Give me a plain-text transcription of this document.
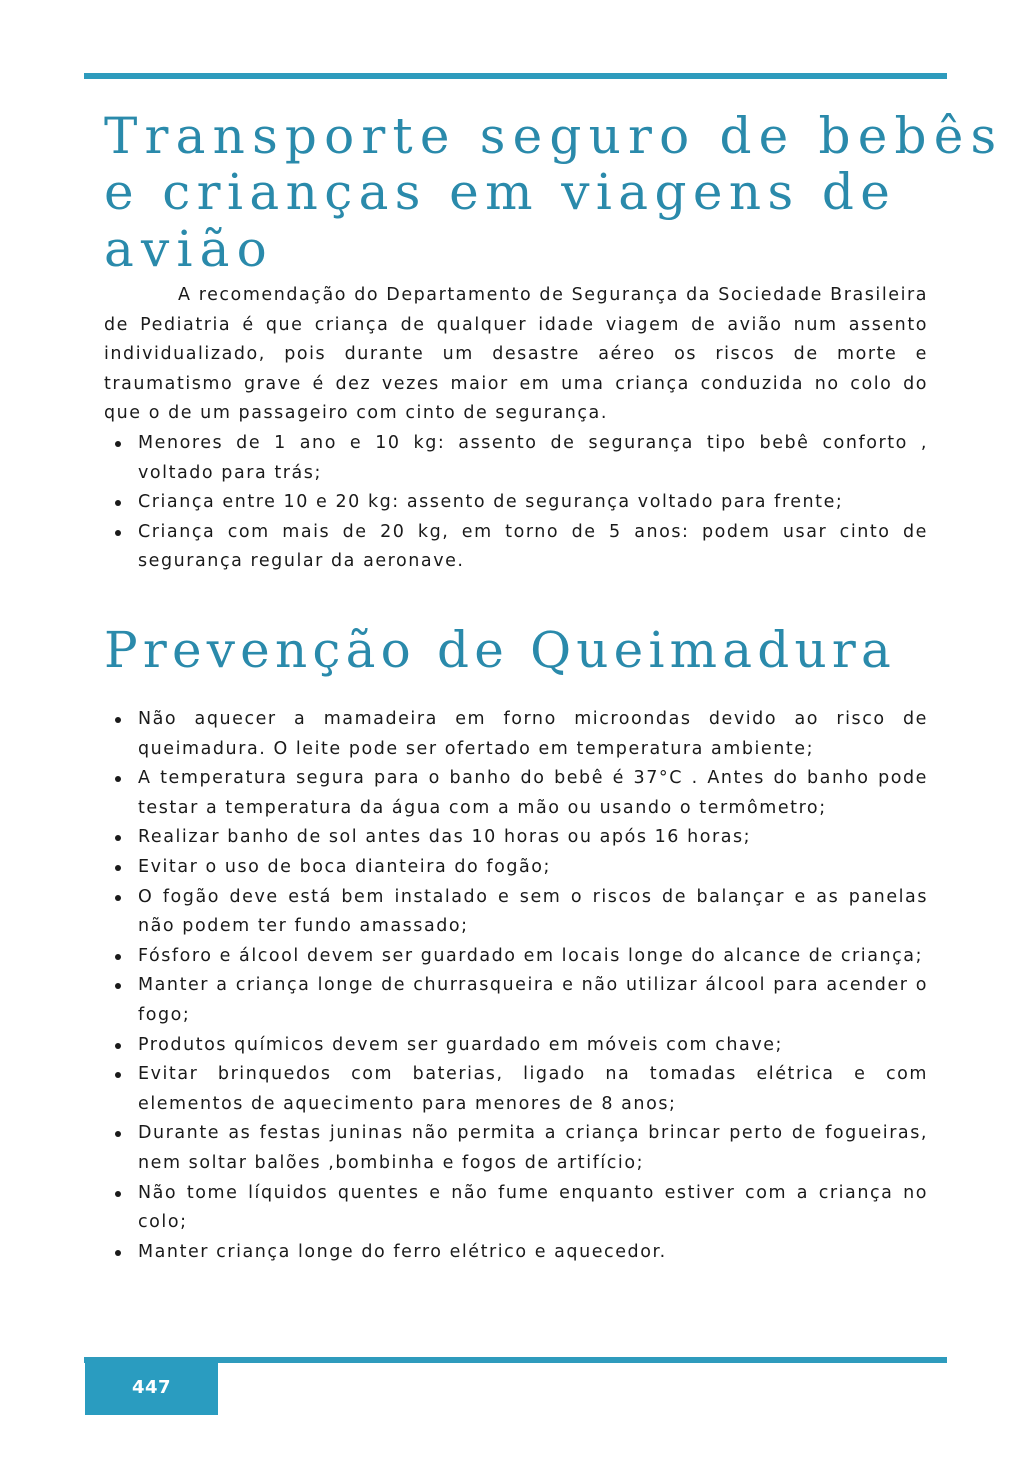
Transporte seguro de bebês
e crianças em viagens de
avião

A recomendação do Departamento de Segurança da Sociedade Brasileira de Pediatria é que criança de qualquer idade viagem de avião num assento individualizado, pois durante um desastre aéreo os riscos de morte e traumatismo grave é dez vezes maior em uma criança conduzida no colo do que o de um passageiro com cinto de segurança.

Menores de 1 ano e 10 kg: assento de segurança tipo bebê conforto , voltado para trás;
Criança entre 10 e 20 kg: assento de segurança voltado para frente;
Criança com mais de 20 kg, em torno de 5 anos: podem usar cinto de segurança regular da aeronave.
Prevenção de Queimadura
Não aquecer a mamadeira em forno microondas devido ao risco de queimadura. O leite pode ser ofertado em temperatura ambiente;
A temperatura segura para o banho do bebê é 37°C . Antes do banho pode testar a temperatura da água com a mão ou usando o termômetro;
Realizar banho de sol antes das 10 horas ou após 16 horas;
Evitar o uso de boca dianteira do fogão;
O fogão deve está bem instalado e sem o riscos de balançar e as panelas não podem ter fundo amassado;
Fósforo e álcool devem ser guardado em locais longe do alcance de criança;
Manter a criança longe de churrasqueira e não utilizar álcool para acender o fogo;
Produtos químicos devem ser guardado em móveis com chave;
Evitar brinquedos com baterias, ligado na tomadas elétrica e com elementos de aquecimento para menores de 8 anos;
Durante as festas juninas não permita a criança brincar perto de fogueiras, nem soltar balões ,bombinha e fogos de artifício;
Não tome líquidos quentes e não fume enquanto estiver com a criança no colo;
Manter criança longe do ferro elétrico e aquecedor.
447
